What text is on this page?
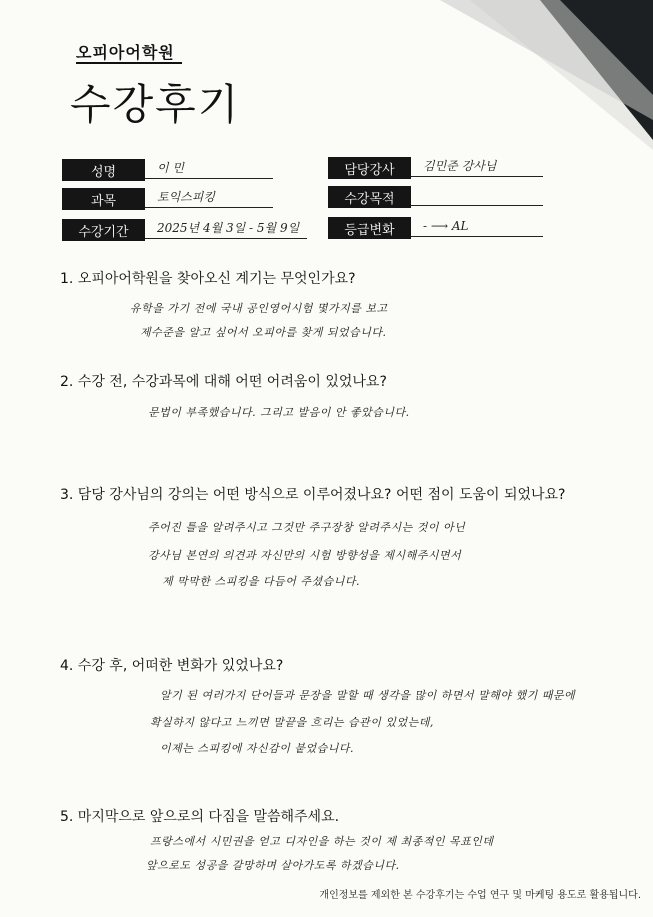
오피아어학원
수강후기
성명	이 민	담당강사	김민준 강사님
과목	토익스피킹	수강목적
수강기간	2025년 4월 3일 - 5월 9일	등급변화	- ⟶ AL
1. 오피아어학원을 찾아오신 계기는 무엇인가요?
유학을 가기 전에 국내 공인영어시험 몇가지를 보고
제수준을 알고 싶어서 오피아를 찾게 되었습니다.
2. 수강 전, 수강과목에 대해 어떤 어려움이 있었나요?
문법이 부족했습니다. 그리고 발음이 안 좋았습니다.
3. 담당 강사님의 강의는 어떤 방식으로 이루어졌나요? 어떤 점이 도움이 되었나요?
주어진 틀을 알려주시고 그것만 주구장창 알려주시는 것이 아닌
강사님 본연의 의견과 자신만의 시험 방향성을 제시해주시면서
제 막막한 스피킹을 다듬어 주셨습니다.
4. 수강 후, 어떠한 변화가 있었나요?
알기 된 여러가지 단어들과 문장을 말할 때 생각을 많이 하면서 말해야 했기 때문에
확실하지 않다고 느끼면 말끝을 흐리는 습관이 있었는데,
이제는 스피킹에 자신감이 붙었습니다.
5. 마지막으로 앞으로의 다짐을 말씀해주세요.
프랑스에서 시민권을 얻고 디자인을 하는 것이 제 최종적인 목표인데
앞으로도 성공을 갈망하며 살아가도록 하겠습니다.
개인정보를 제외한 본 수강후기는 수업 연구 및 마케팅 용도로 활용됩니다.
